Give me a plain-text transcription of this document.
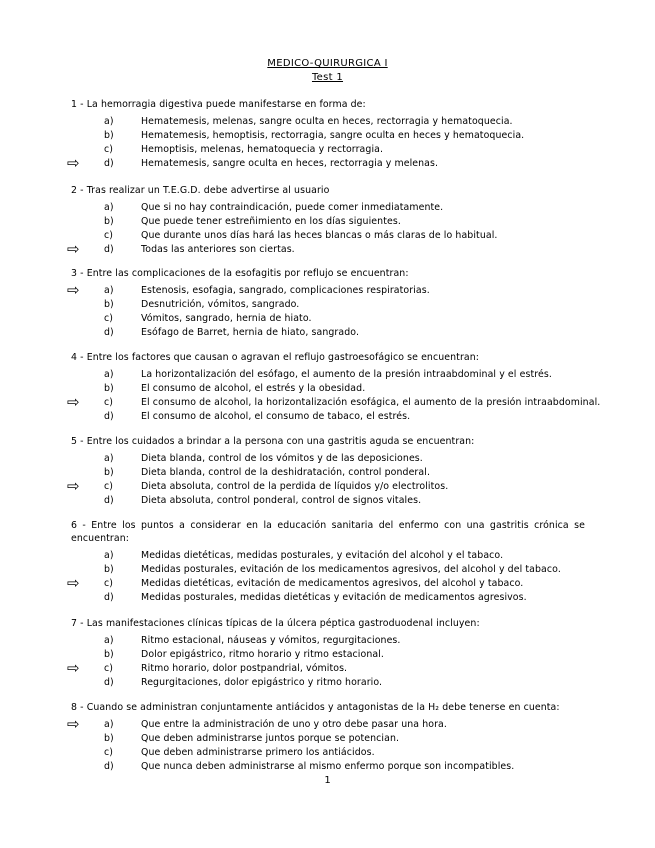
MEDICO-QUIRURGICA I
Test 1
1 - La hemorragia digestiva puede manifestarse en forma de:
a)	Hematemesis, melenas, sangre oculta en heces, rectorragia y hematoquecia.
b)	Hematemesis, hemoptisis, rectorragia, sangre oculta en heces y hematoquecia.
c)	Hemoptisis, melenas, hematoquecia y rectorragia.
⇨	d)	Hematemesis, sangre oculta en heces, rectorragia y melenas.
2 - Tras realizar un T.E.G.D. debe advertirse al usuario
a)	Que si no hay contraindicación, puede comer inmediatamente.
b)	Que puede tener estreñimiento en los días siguientes.
c)	Que durante unos días hará las heces blancas o más claras de lo habitual.
⇨	d)	Todas las anteriores son ciertas.
3 - Entre las complicaciones de la esofagitis por reflujo se encuentran:
⇨	a)	Estenosis, esofagia, sangrado, complicaciones respiratorias.
b)	Desnutrición, vómitos, sangrado.
c)	Vómitos, sangrado, hernia de hiato.
d)	Esófago de Barret, hernia de hiato, sangrado.
4 - Entre los factores que causan o agravan el reflujo gastroesofágico se encuentran:
a)	La horizontalización del esófago, el aumento de la presión intraabdominal y el estrés.
b)	El consumo de alcohol, el estrés y la obesidad.
⇨	c)	El consumo de alcohol, la horizontalización esofágica, el aumento de la presión intraabdominal.
d)	El consumo de alcohol, el consumo de tabaco, el estrés.
5 - Entre los cuidados a brindar a la persona con una gastritis aguda se encuentran:
a)	Dieta blanda, control de los vómitos y de las deposiciones.
b)	Dieta blanda, control de la deshidratación, control ponderal.
⇨	c)	Dieta absoluta, control de la perdida de líquidos y/o electrolitos.
d)	Dieta absoluta, control ponderal, control de signos vitales.
6 - Entre los puntos a considerar en la educación sanitaria del enfermo con una gastritis crónica se encuentran:
a)	Medidas dietéticas, medidas posturales, y evitación del alcohol y el tabaco.
b)	Medidas posturales, evitación de los medicamentos agresivos, del alcohol y del tabaco.
⇨	c)	Medidas dietéticas, evitación de medicamentos agresivos, del alcohol y tabaco.
d)	Medidas posturales, medidas dietéticas y evitación de medicamentos agresivos.
7 - Las manifestaciones clínicas típicas de la úlcera péptica gastroduodenal incluyen:
a)	Ritmo estacional, náuseas y vómitos, regurgitaciones.
b)	Dolor epigástrico, ritmo horario y ritmo estacional.
⇨	c)	Ritmo horario, dolor postpandrial, vómitos.
d)	Regurgitaciones, dolor epigástrico y ritmo horario.
8 - Cuando se administran conjuntamente antiácidos y antagonistas de la H₂ debe tenerse en cuenta:
⇨	a)	Que entre la administración de uno y otro debe pasar una hora.
b)	Que deben administrarse juntos porque se potencian.
c)	Que deben administrarse primero los antiácidos.
d)	Que nunca deben administrarse al mismo enfermo porque son incompatibles.
1
